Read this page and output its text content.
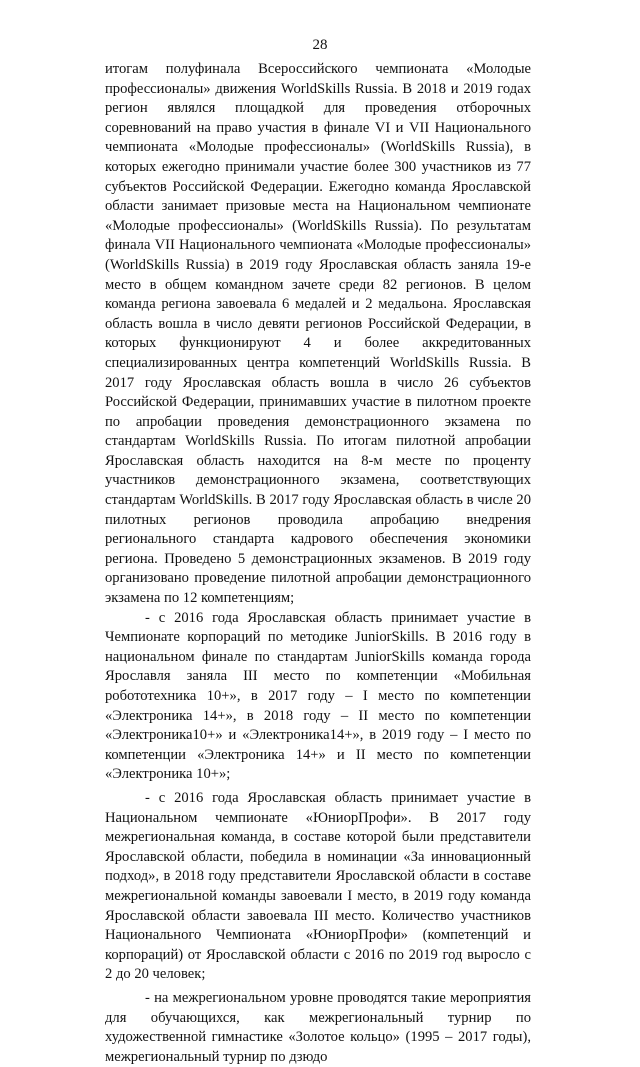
28

итогам полуфинала Всероссийского чемпионата «Молодые профессионалы» движения WorldSkills Russia. В 2018 и 2019 годах регион являлся площадкой для проведения отборочных соревнований на право участия в финале VI и VII Национального чемпионата «Молодые профессионалы» (WorldSkills Russia), в которых ежегодно принимали участие более 300 участников из 77 субъектов Российской Федерации. Ежегодно команда Ярославской области занимает призовые места на Национальном чемпионате «Молодые профессионалы» (WorldSkills Russia). По результатам финала VII Национального чемпионата «Молодые профессионалы» (WorldSkills Russia) в 2019 году Ярославская область заняла 19-е место в общем командном зачете среди 82 регионов. В целом команда региона завоевала 6 медалей и 2 медальона. Ярославская область вошла в число девяти регионов Российской Федерации, в которых функционируют 4 и более аккредитованных специализированных центра компетенций WorldSkills Russia. В 2017 году Ярославская область вошла в число 26 субъектов Российской Федерации, принимавших участие в пилотном проекте по апробации проведения демонстрационного экзамена по стандартам WorldSkills Russia. По итогам пилотной апробации Ярославская область находится на 8-м месте по проценту участников демонстрационного экзамена, соответствующих стандартам WorldSkills. В 2017 году Ярославская область в числе 20 пилотных регионов проводила апробацию внедрения регионального стандарта кадрового обеспечения экономики региона. Проведено 5 демонстрационных экзаменов. В 2019 году организовано проведение пилотной апробации демонстрационного экзамена по 12 компетенциям;

- с 2016 года Ярославская область принимает участие в Чемпионате корпораций по методике JuniorSkills. В 2016 году в национальном финале по стандартам JuniorSkills команда города Ярославля заняла III место по компетенции «Мобильная робототехника 10+», в 2017 году – I место по компетенции «Электроника 14+», в 2018 году – II место по компетенции «Электроника10+» и «Электроника14+», в 2019 году – I место по компетенции «Электроника 14+» и II место по компетенции «Электроника 10+»;

- с 2016 года Ярославская область принимает участие в Национальном чемпионате «ЮниорПрофи». В 2017 году межрегиональная команда, в составе которой были представители Ярославской области, победила в номинации «За инновационный подход», в 2018 году представители Ярославской области в составе межрегиональной команды завоевали I место, в 2019 году команда Ярославской области завоевала III место. Количество участников Национального Чемпионата «ЮниорПрофи» (компетенций и корпораций) от Ярославской области с 2016 по 2019 год выросло с 2 до 20 человек;

- на межрегиональном уровне проводятся такие мероприятия для обучающихся, как межрегиональный турнир по художественной гимнастике «Золотое кольцо» (1995 – 2017 годы), межрегиональный турнир по дзюдо
